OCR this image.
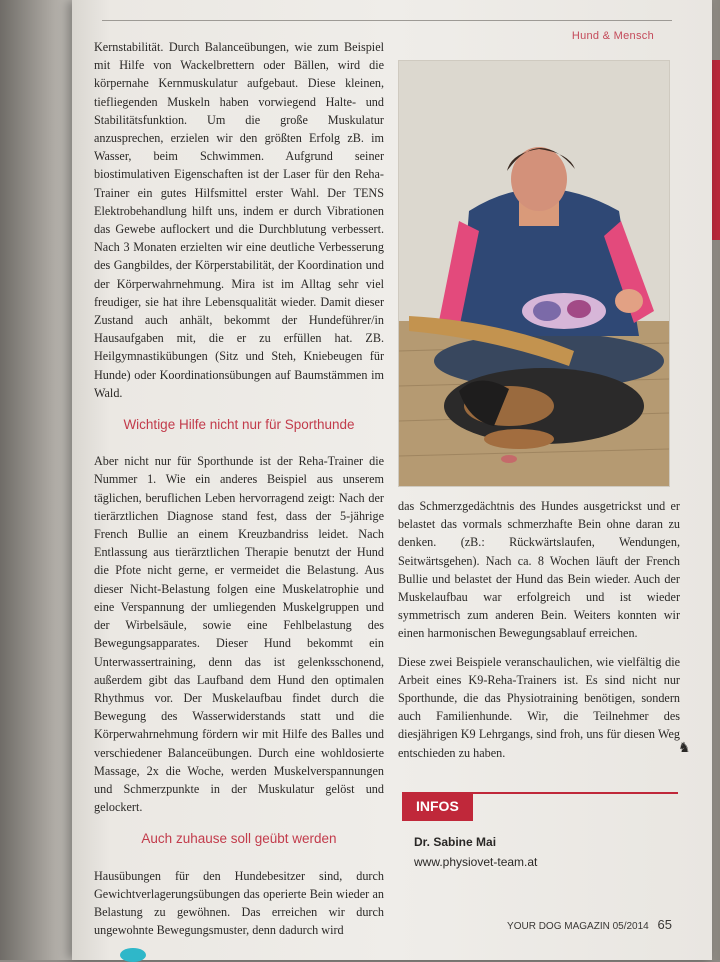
Hund & Mensch

Kernstabilität. Durch Balanceübungen, wie zum Beispiel mit Hilfe von Wackelbrettern oder Bällen, wird die körpernahe Kernmuskulatur aufgebaut. Diese kleinen, tiefliegenden Muskeln haben vorwiegend Halte- und Stabilitätsfunktion. Um die große Muskulatur anzusprechen, erzielen wir den größten Erfolg zB. im Wasser, beim Schwimmen. Aufgrund seiner biostimulativen Eigenschaften ist der Laser für den Reha-Trainer ein gutes Hilfsmittel erster Wahl. Der TENS Elektrobehandlung hilft uns, indem er durch Vibrationen das Gewebe auflockert und die Durchblutung verbessert. Nach 3 Monaten erzielten wir eine deutliche Verbesserung des Gangbildes, der Körperstabilität, der Koordination und der Körperwahrnehmung. Mira ist im Alltag sehr viel freudiger, sie hat ihre Lebensqualität wieder. Damit dieser Zustand auch anhält, bekommt der Hundeführer/in Hausaufgaben mit, die er zu erfüllen hat. ZB. Heilgymnastikübungen (Sitz und Steh, Kniebeugen für Hunde) oder Koordinationsübungen auf Baumstämmen im Wald.

Wichtige Hilfe nicht nur für Sporthunde

Aber nicht nur für Sporthunde ist der Reha-Trainer die Nummer 1. Wie ein anderes Beispiel aus unserem täglichen, beruflichen Leben hervorragend zeigt: Nach der tierärztlichen Diagnose stand fest, dass der 5-jährige French Bullie an einem Kreuzbandriss leidet. Nach Entlassung aus tierärztlichen Therapie benutzt der Hund die Pfote nicht gerne, er vermeidet die Belastung. Aus dieser Nicht-Belastung folgen eine Muskelatrophie und eine Verspannung der umliegenden Muskelgruppen und der Wirbelsäule, sowie eine Fehlbelastung des Bewegungsapparates. Dieser Hund bekommt ein Unterwassertraining, denn das ist gelenksschonend, außerdem gibt das Laufband dem Hund den optimalen Rhythmus vor. Der Muskelaufbau findet durch die Bewegung des Wasserwiderstands statt und die Körperwahrnehmung fördern wir mit Hilfe des Balles und verschiedener Balanceübungen. Durch eine wohldosierte Massage, 2x die Woche, werden Muskelverspannungen und Schmerzpunkte in der Muskulatur gelöst und gelockert.

Auch zuhause soll geübt werden

Hausübungen für den Hundebesitzer sind, durch Gewichtverlagerungsübungen das operierte Bein wieder an Belastung zu gewöhnen. Das erreichen wir durch ungewohnte Bewegungsmuster, denn dadurch wird

das Schmerzgedächtnis des Hundes ausgetrickst und er belastet das vormals schmerzhafte Bein ohne daran zu denken. (zB.: Rückwärtslaufen, Wendungen, Seitwärtsgehen). Nach ca. 8 Wochen läuft der French Bullie und belastet der Hund das Bein wieder. Auch der Muskelaufbau war erfolgreich und ist wieder symmetrisch zum anderen Bein. Weiters konnten wir einen harmonischen Bewegungsablauf erreichen.

Diese zwei Beispiele veranschaulichen, wie vielfältig die Arbeit eines K9-Reha-Trainers ist. Es sind nicht nur Sporthunde, die das Physiotraining benötigen, sondern auch Familienhunde. Wir, die Teilnehmer des diesjährigen K9 Lehrgangs, sind froh, uns für diesen Weg entschieden zu haben.	♞
INFOS
Dr. Sabine Mai
www.physiovet-team.at
YOUR DOG MAGAZIN 05/2014 65
